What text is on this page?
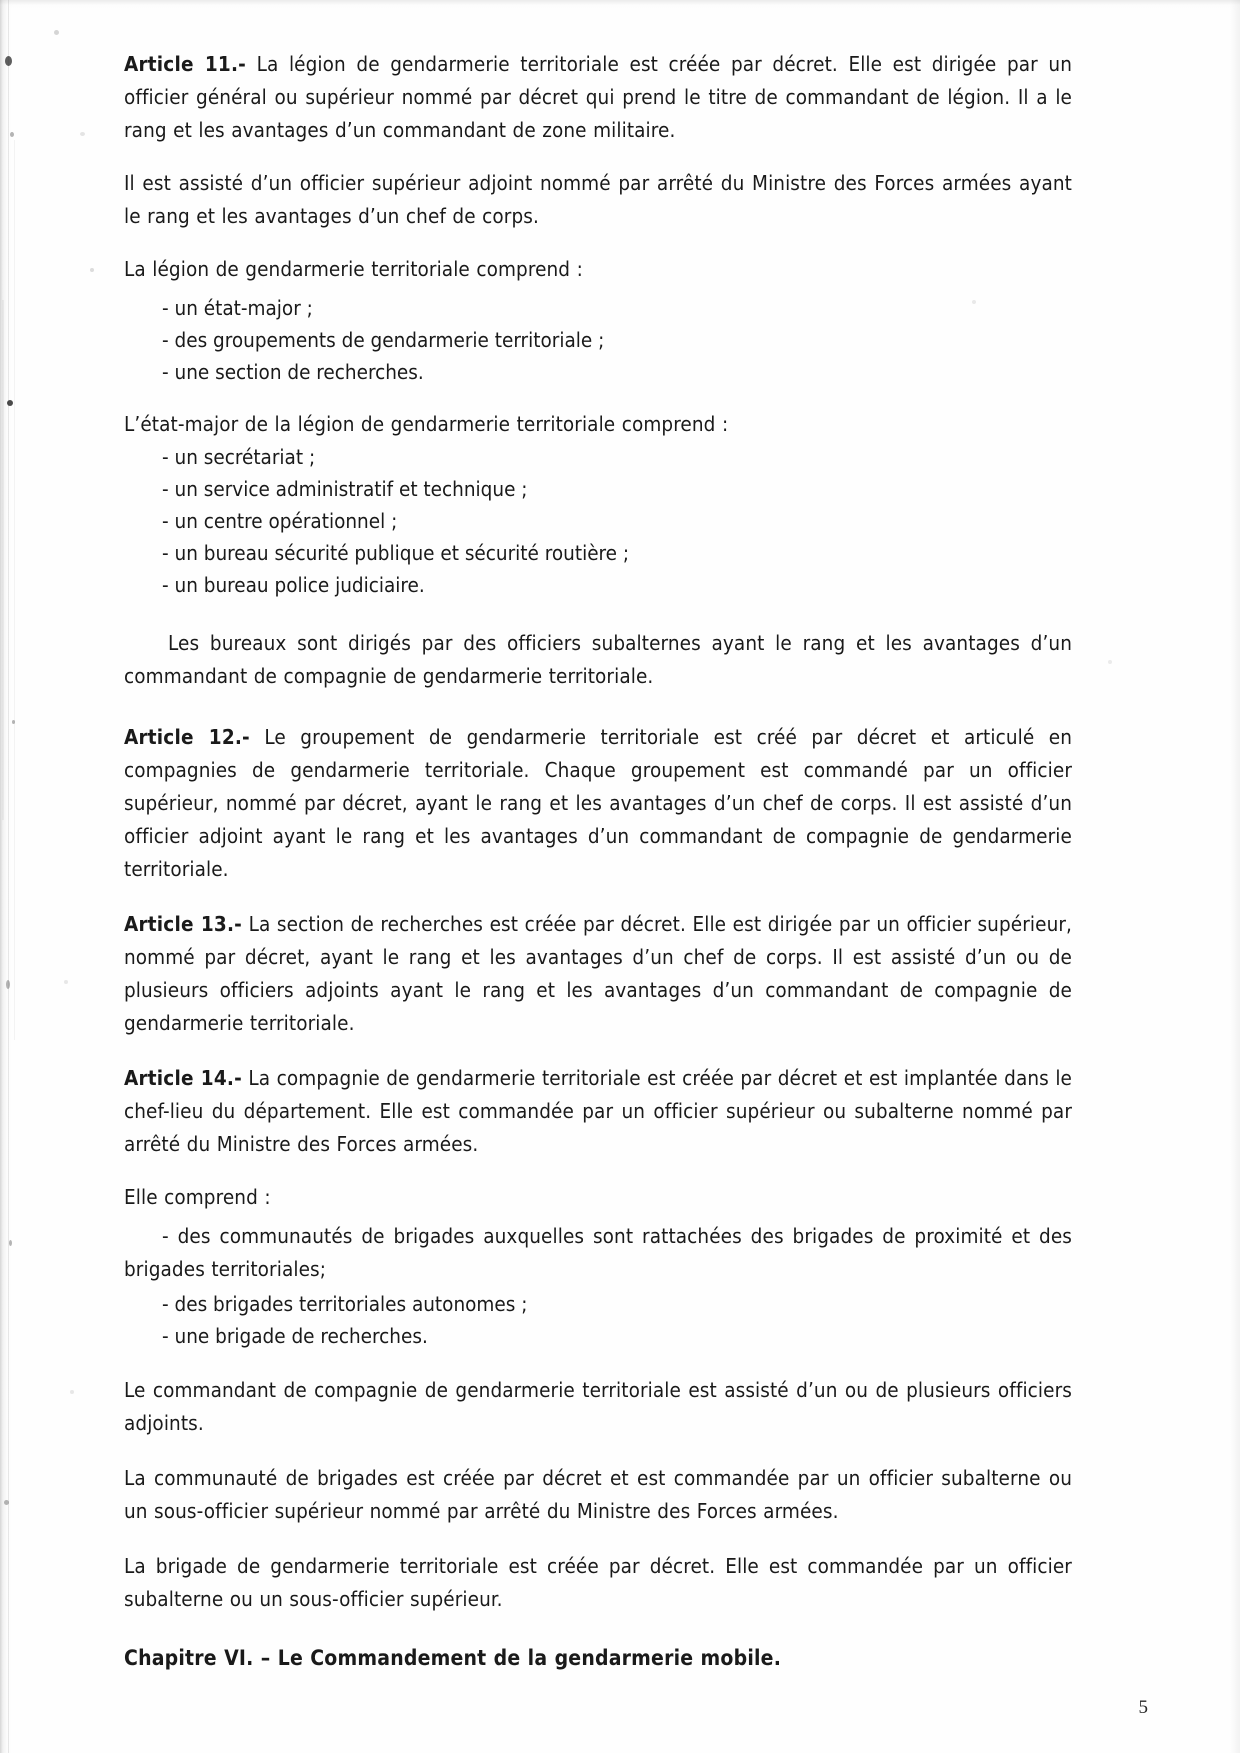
Article 11.- La légion de gendarmerie territoriale est créée par décret. Elle est dirigée par un officier général ou supérieur nommé par décret qui prend le titre de commandant de légion. Il a le rang et les avantages d’un commandant de zone militaire.

Il est assisté d’un officier supérieur adjoint nommé par arrêté du Ministre des Forces armées ayant le rang et les avantages d’un chef de corps.

La légion de gendarmerie territoriale comprend :

- un état-major ;
- des groupements de gendarmerie territoriale ;
- une section de recherches.

L’état-major de la légion de gendarmerie territoriale comprend :

- un secrétariat ;
- un service administratif et technique ;
- un centre opérationnel ;
- un bureau sécurité publique et sécurité routière ;
- un bureau police judiciaire.

Les bureaux sont dirigés par des officiers subalternes ayant le rang et les avantages d’un commandant de compagnie de gendarmerie territoriale.

Article 12.- Le groupement de gendarmerie territoriale est créé par décret et articulé en compagnies de gendarmerie territoriale. Chaque groupement est commandé par un officier supérieur, nommé par décret, ayant le rang et les avantages d’un chef de corps. Il est assisté d’un officier adjoint ayant le rang et les avantages d’un commandant de compagnie de gendarmerie territoriale.

Article 13.- La section de recherches est créée par décret. Elle est dirigée par un officier supérieur, nommé par décret, ayant le rang et les avantages d’un chef de corps. Il est assisté d’un ou de plusieurs officiers adjoints ayant le rang et les avantages d’un commandant de compagnie de gendarmerie territoriale.

Article 14.- La compagnie de gendarmerie territoriale est créée par décret et est implantée dans le chef-lieu du département. Elle est commandée par un officier supérieur ou subalterne nommé par arrêté du Ministre des Forces armées.

Elle comprend :

- des communautés de brigades auxquelles sont rattachées des brigades de proximité et des brigades territoriales;

- des brigades territoriales autonomes ;
- une brigade de recherches.

Le commandant de compagnie de gendarmerie territoriale est assisté d’un ou de plusieurs officiers adjoints.

La communauté de brigades est créée par décret et est commandée par un officier subalterne ou un sous-officier supérieur nommé par arrêté du Ministre des Forces armées.

La brigade de gendarmerie territoriale est créée par décret. Elle est commandée par un officier subalterne ou un sous-officier supérieur.

Chapitre VI. – Le Commandement de la gendarmerie mobile.

5
